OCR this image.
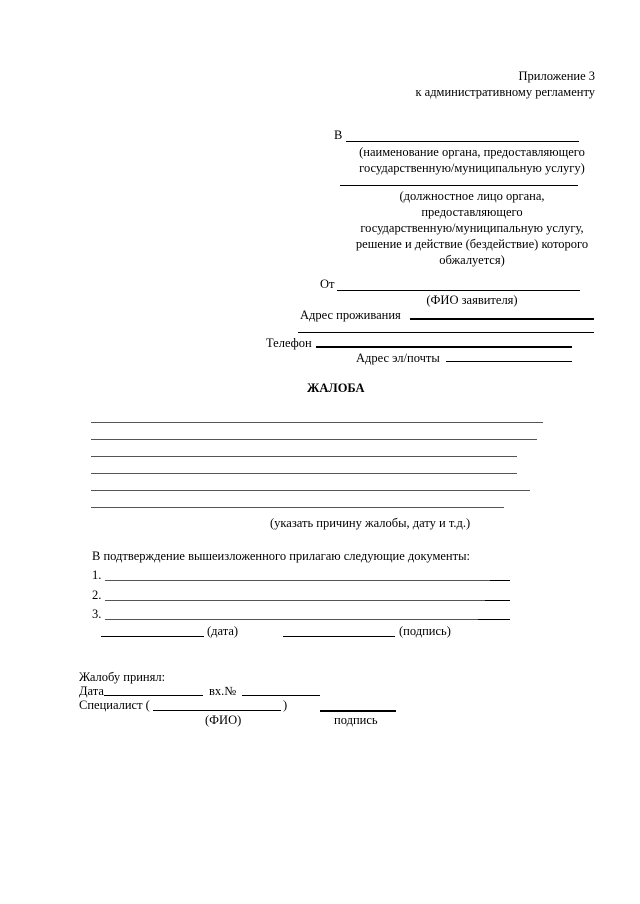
Приложение 3
к административному регламенту
В
(наименование органа, предоставляющего
государственную/муниципальную услугу)
(должностное лицо органа,
предоставляющего
государственную/муниципальную услугу,
решение и действие (бездействие) которого
обжалуется)
От
(ФИО заявителя)
Адрес проживания
Телефон
Адрес эл/почты
ЖАЛОБА
(указать причину жалобы, дату и т.д.)
В подтверждение вышеизложенного прилагаю следующие документы:
1.
2.
3.
(дата)	(подпись)
Жалобу принял:
Дата	вх.№
Специалист (	)
(ФИО)	подпись
